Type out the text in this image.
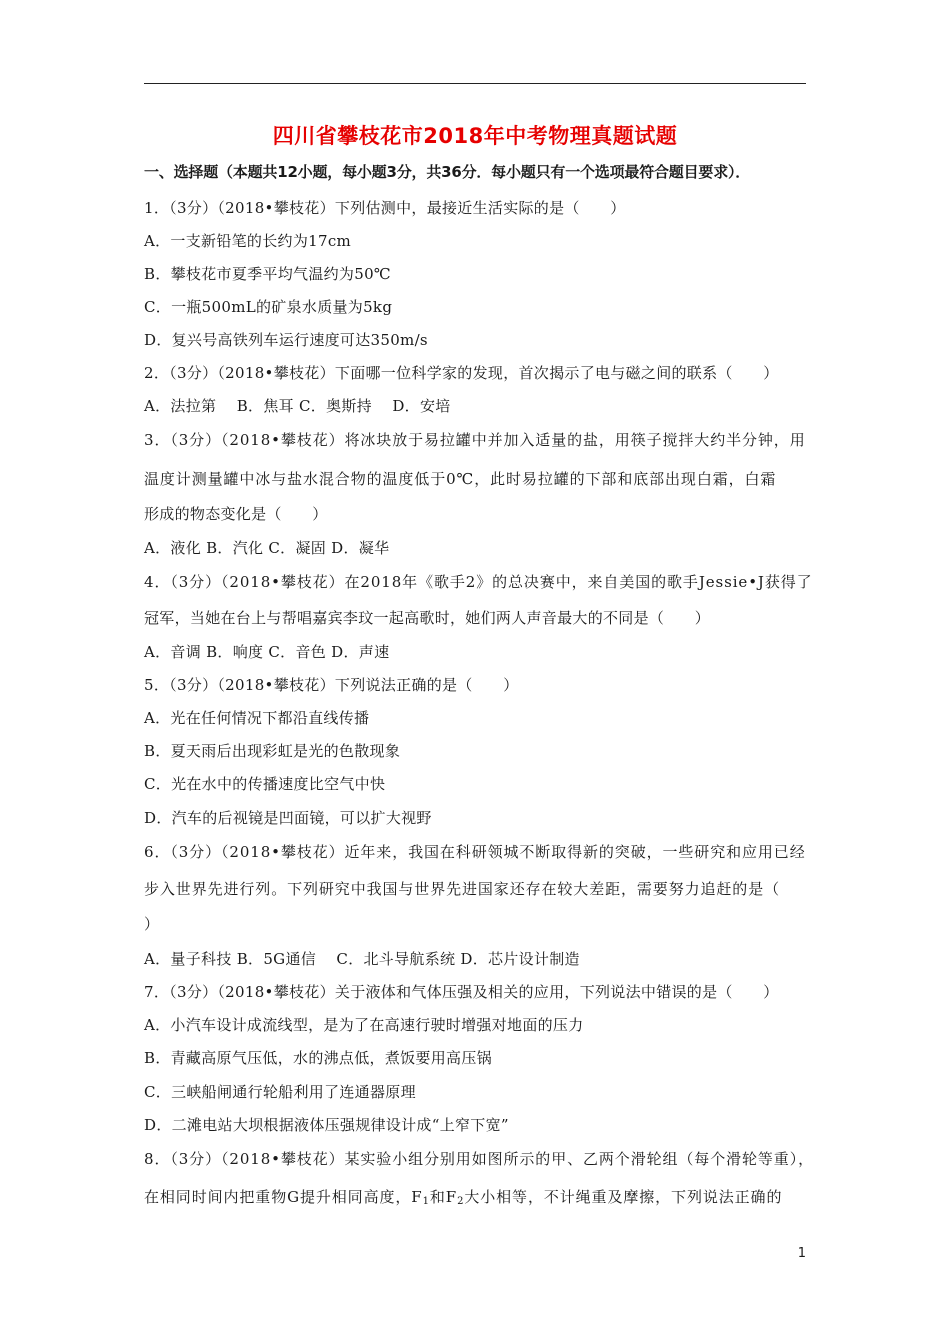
四川省攀枝花市2018年中考物理真题试题
一、选择题（本题共12小题，每小题3分，共36分．每小题只有一个选项最符合题目要求）．
1．（3分）（2018•攀枝花）下列估测中，最接近生活实际的是（　　）
A．一支新铅笔的长约为17cm
B．攀枝花市夏季平均气温约为50℃
C．一瓶500mL的矿泉水质量为5kg
D．复兴号高铁列车运行速度可达350m/s
2．（3分）（2018•攀枝花）下面哪一位科学家的发现，首次揭示了电与磁之间的联系（　　）
A．法拉第　 B．焦耳 C．奥斯持　 D．安培
3．（3分）（2018•攀枝花）将冰块放于易拉罐中并加入适量的盐，用筷子搅拌大约半分钟，用
温度计测量罐中冰与盐水混合物的温度低于0℃，此时易拉罐的下部和底部出现白霜，白霜
形成的物态变化是（　　）
A．液化 B．汽化 C．凝固 D．凝华
4．（3分）（2018•攀枝花）在2018年《歌手2》的总决赛中，来自美国的歌手Jessie•J获得了
冠军，当她在台上与帮唱嘉宾李玟一起高歌时，她们两人声音最大的不同是（　　）
A．音调 B．响度 C．音色 D．声速
5．（3分）（2018•攀枝花）下列说法正确的是（　　）
A．光在任何情况下都沿直线传播
B．夏天雨后出现彩虹是光的色散现象
C．光在水中的传播速度比空气中快
D．汽车的后视镜是凹面镜，可以扩大视野
6．（3分）（2018•攀枝花）近年来，我国在科研领城不断取得新的突破，一些研究和应用已经
步入世界先进行列。下列研究中我国与世界先进国家还存在较大差距，需要努力追赶的是（
）
A．量子科技 B．5G通信　 C．北斗导航系统 D．芯片设计制造
7．（3分）（2018•攀枝花）关于液体和气体压强及相关的应用，下列说法中错误的是（　　）
A．小汽车设计成流线型，是为了在高速行驶时增强对地面的压力
B．青藏高原气压低，水的沸点低，煮饭要用高压锅
C．三峡船闸通行轮船利用了连通器原理
D．二滩电站大坝根据液体压强规律设计成“上窄下宽”
8．（3分）（2018•攀枝花）某实验小组分别用如图所示的甲、乙两个滑轮组（每个滑轮等重），
在相同时间内把重物G提升相同高度，$F_1$和$F_2$大小相等，不计绳重及摩擦，下列说法正确的
1
